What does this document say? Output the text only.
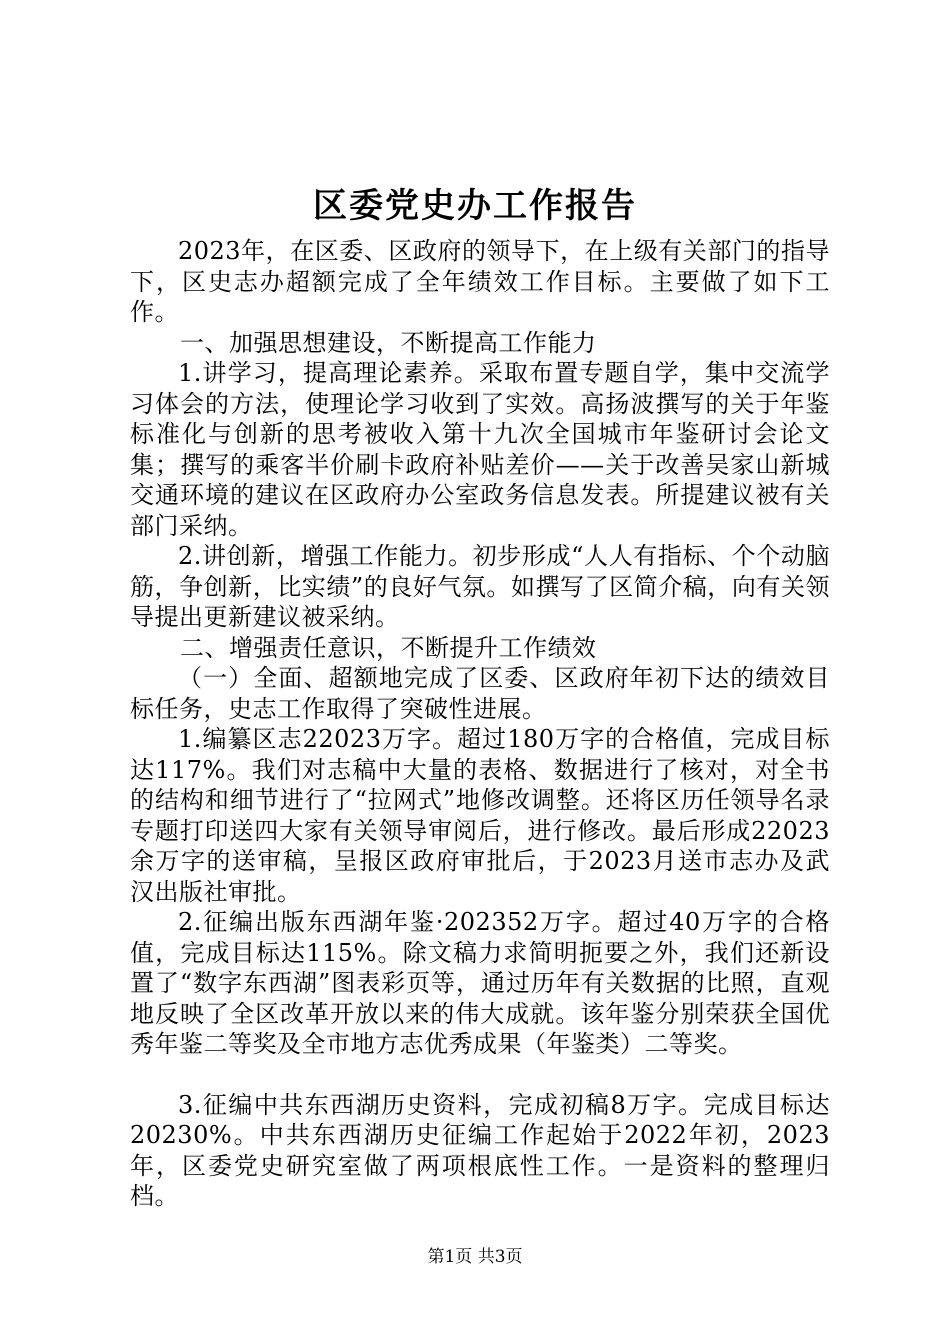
区委党史办工作报告

2023年，在区委、区政府的领导下，在上级有关部门的指导下，区史志办超额完成了全年绩效工作目标。主要做了如下工作。

一、加强思想建设，不断提高工作能力

1.讲学习，提高理论素养。采取布置专题自学，集中交流学习体会的方法，使理论学习收到了实效。高扬波撰写的关于年鉴标准化与创新的思考被收入第十九次全国城市年鉴研讨会论文集；撰写的乘客半价刷卡政府补贴差价——关于改善吴家山新城交通环境的建议在区政府办公室政务信息发表。所提建议被有关部门采纳。

2.讲创新，增强工作能力。初步形成“人人有指标、个个动脑筋，争创新，比实绩”的良好气氛。如撰写了区简介稿，向有关领导提出更新建议被采纳。

二、增强责任意识，不断提升工作绩效

（一）全面、超额地完成了区委、区政府年初下达的绩效目标任务，史志工作取得了突破性进展。

1.编纂区志22023万字。超过180万字的合格值，完成目标达117%。我们对志稿中大量的表格、数据进行了核对，对全书的结构和细节进行了“拉网式”地修改调整。还将区历任领导名录专题打印送四大家有关领导审阅后，进行修改。最后形成22023余万字的送审稿，呈报区政府审批后，于2023月送市志办及武汉出版社审批。

2.征编出版东西湖年鉴·202352万字。超过40万字的合格值，完成目标达115%。除文稿力求简明扼要之外，我们还新设置了“数字东西湖”图表彩页等，通过历年有关数据的比照，直观地反映了全区改革开放以来的伟大成就。该年鉴分别荣获全国优秀年鉴二等奖及全市地方志优秀成果（年鉴类）二等奖。

3.征编中共东西湖历史资料，完成初稿8万字。完成目标达20230%。中共东西湖历史征编工作起始于2022年初，2023年，区委党史研究室做了两项根底性工作。一是资料的整理归档。

第1页 共3页
